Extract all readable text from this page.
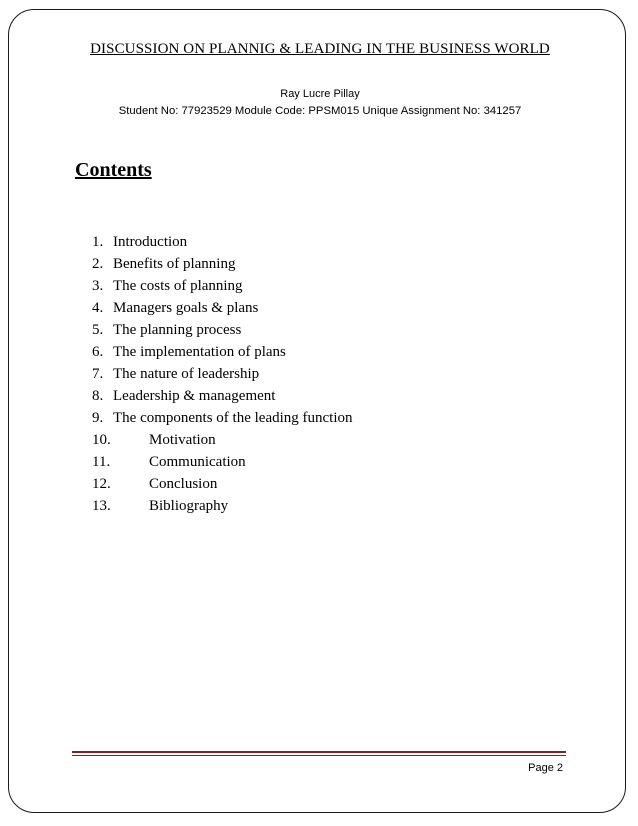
DISCUSSION ON PLANNIG & LEADING IN THE BUSINESS WORLD
Ray Lucre Pillay
Student No: 77923529 Module Code: PPSM015 Unique Assignment No: 341257
Contents
1. Introduction
2. Benefits of planning
3. The costs of planning
4. Managers goals & plans
5. The planning process
6. The implementation of plans
7. The nature of leadership
8. Leadership & management
9. The components of the leading function
10.	Motivation
11.	Communication
12.	Conclusion
13.	Bibliography
Page 2
